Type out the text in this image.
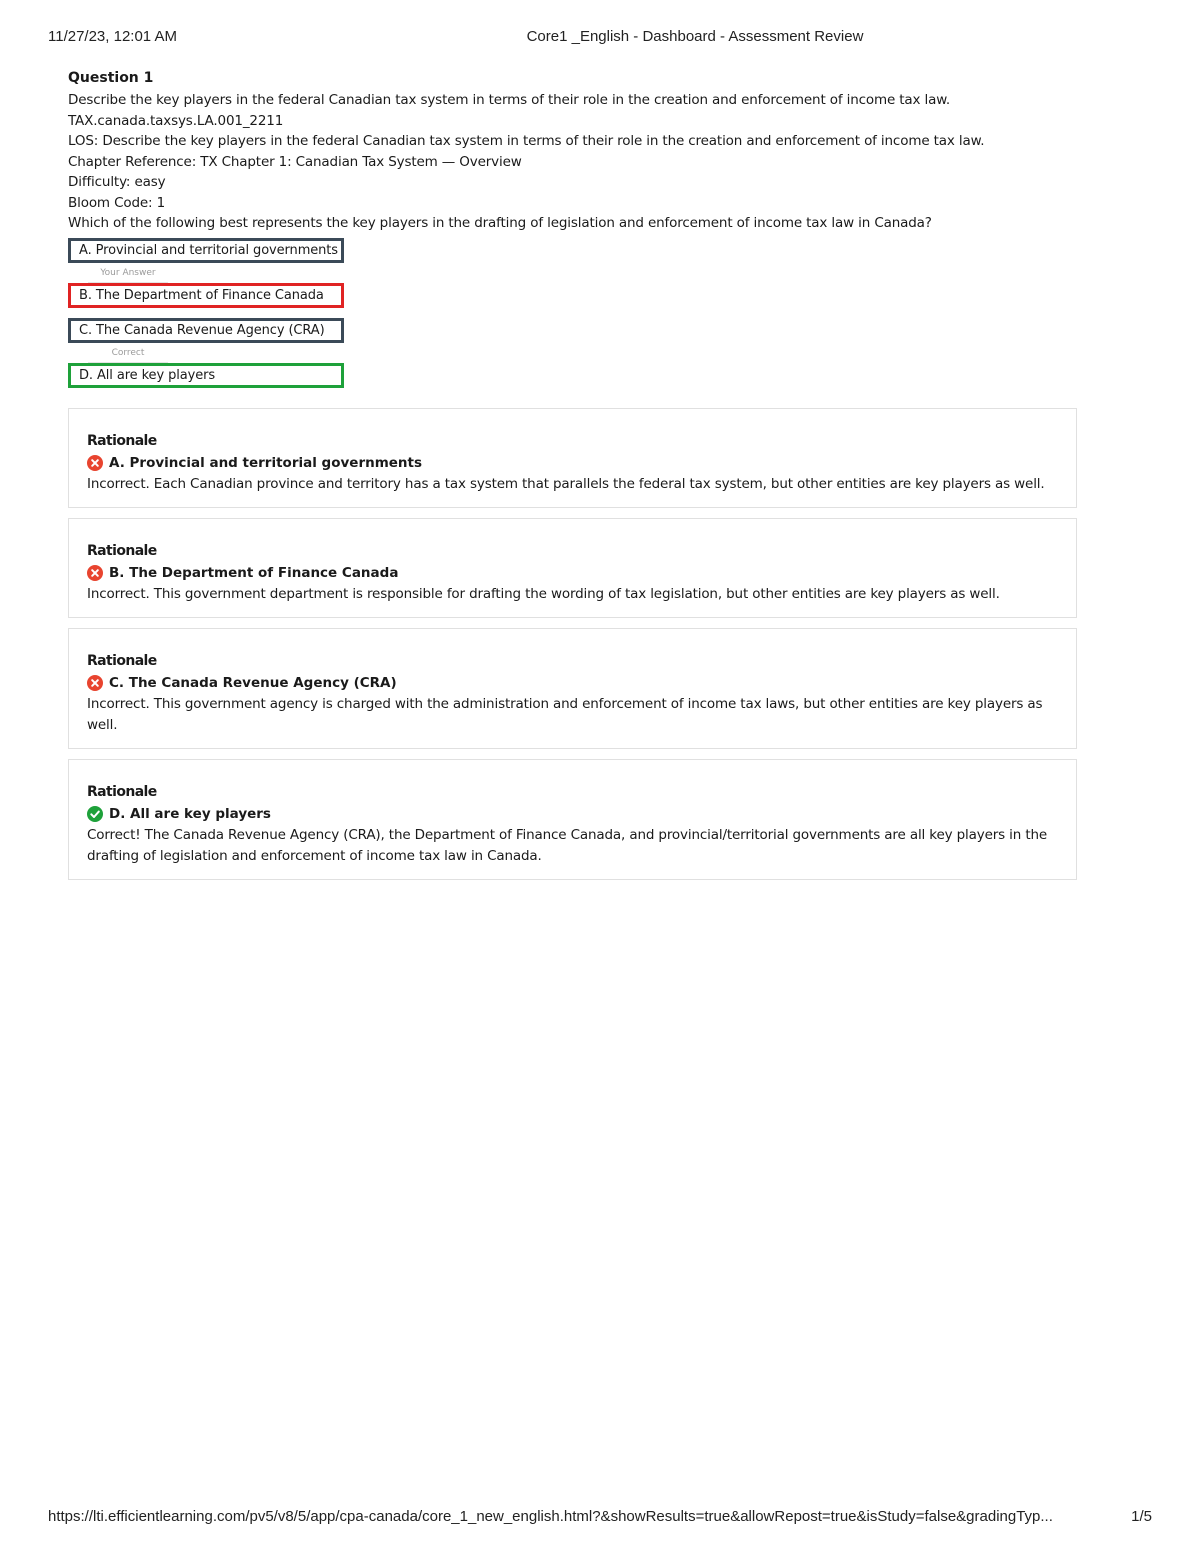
11/27/23, 12:01 AM	Core1 _English - Dashboard - Assessment Review
Question 1
Describe the key players in the federal Canadian tax system in terms of their role in the creation and enforcement of income tax law.
TAX.canada.taxsys.LA.001_2211
LOS: Describe the key players in the federal Canadian tax system in terms of their role in the creation and enforcement of income tax law.
Chapter Reference: TX Chapter 1: Canadian Tax System — Overview
Difficulty: easy
Bloom Code: 1
Which of the following best represents the key players in the drafting of legislation and enforcement of income tax law in Canada?
A. Provincial and territorial governments
Your Answer
B. The Department of Finance Canada
C. The Canada Revenue Agency (CRA)
Correct
D. All are key players
Rationale
A. Provincial and territorial governments
Incorrect. Each Canadian province and territory has a tax system that parallels the federal tax system, but other entities are key players as well.
Rationale
B. The Department of Finance Canada
Incorrect. This government department is responsible for drafting the wording of tax legislation, but other entities are key players as well.
Rationale
C. The Canada Revenue Agency (CRA)
Incorrect. This government agency is charged with the administration and enforcement of income tax laws, but other entities are key players as well.
Rationale
D. All are key players
Correct! The Canada Revenue Agency (CRA), the Department of Finance Canada, and provincial/territorial governments are all key players in the drafting of legislation and enforcement of income tax law in Canada.
https://lti.efficientlearning.com/pv5/v8/5/app/cpa-canada/core_1_new_english.html?&showResults=true&allowRepost=true&isStudy=false&gradingTyp...	1/5
